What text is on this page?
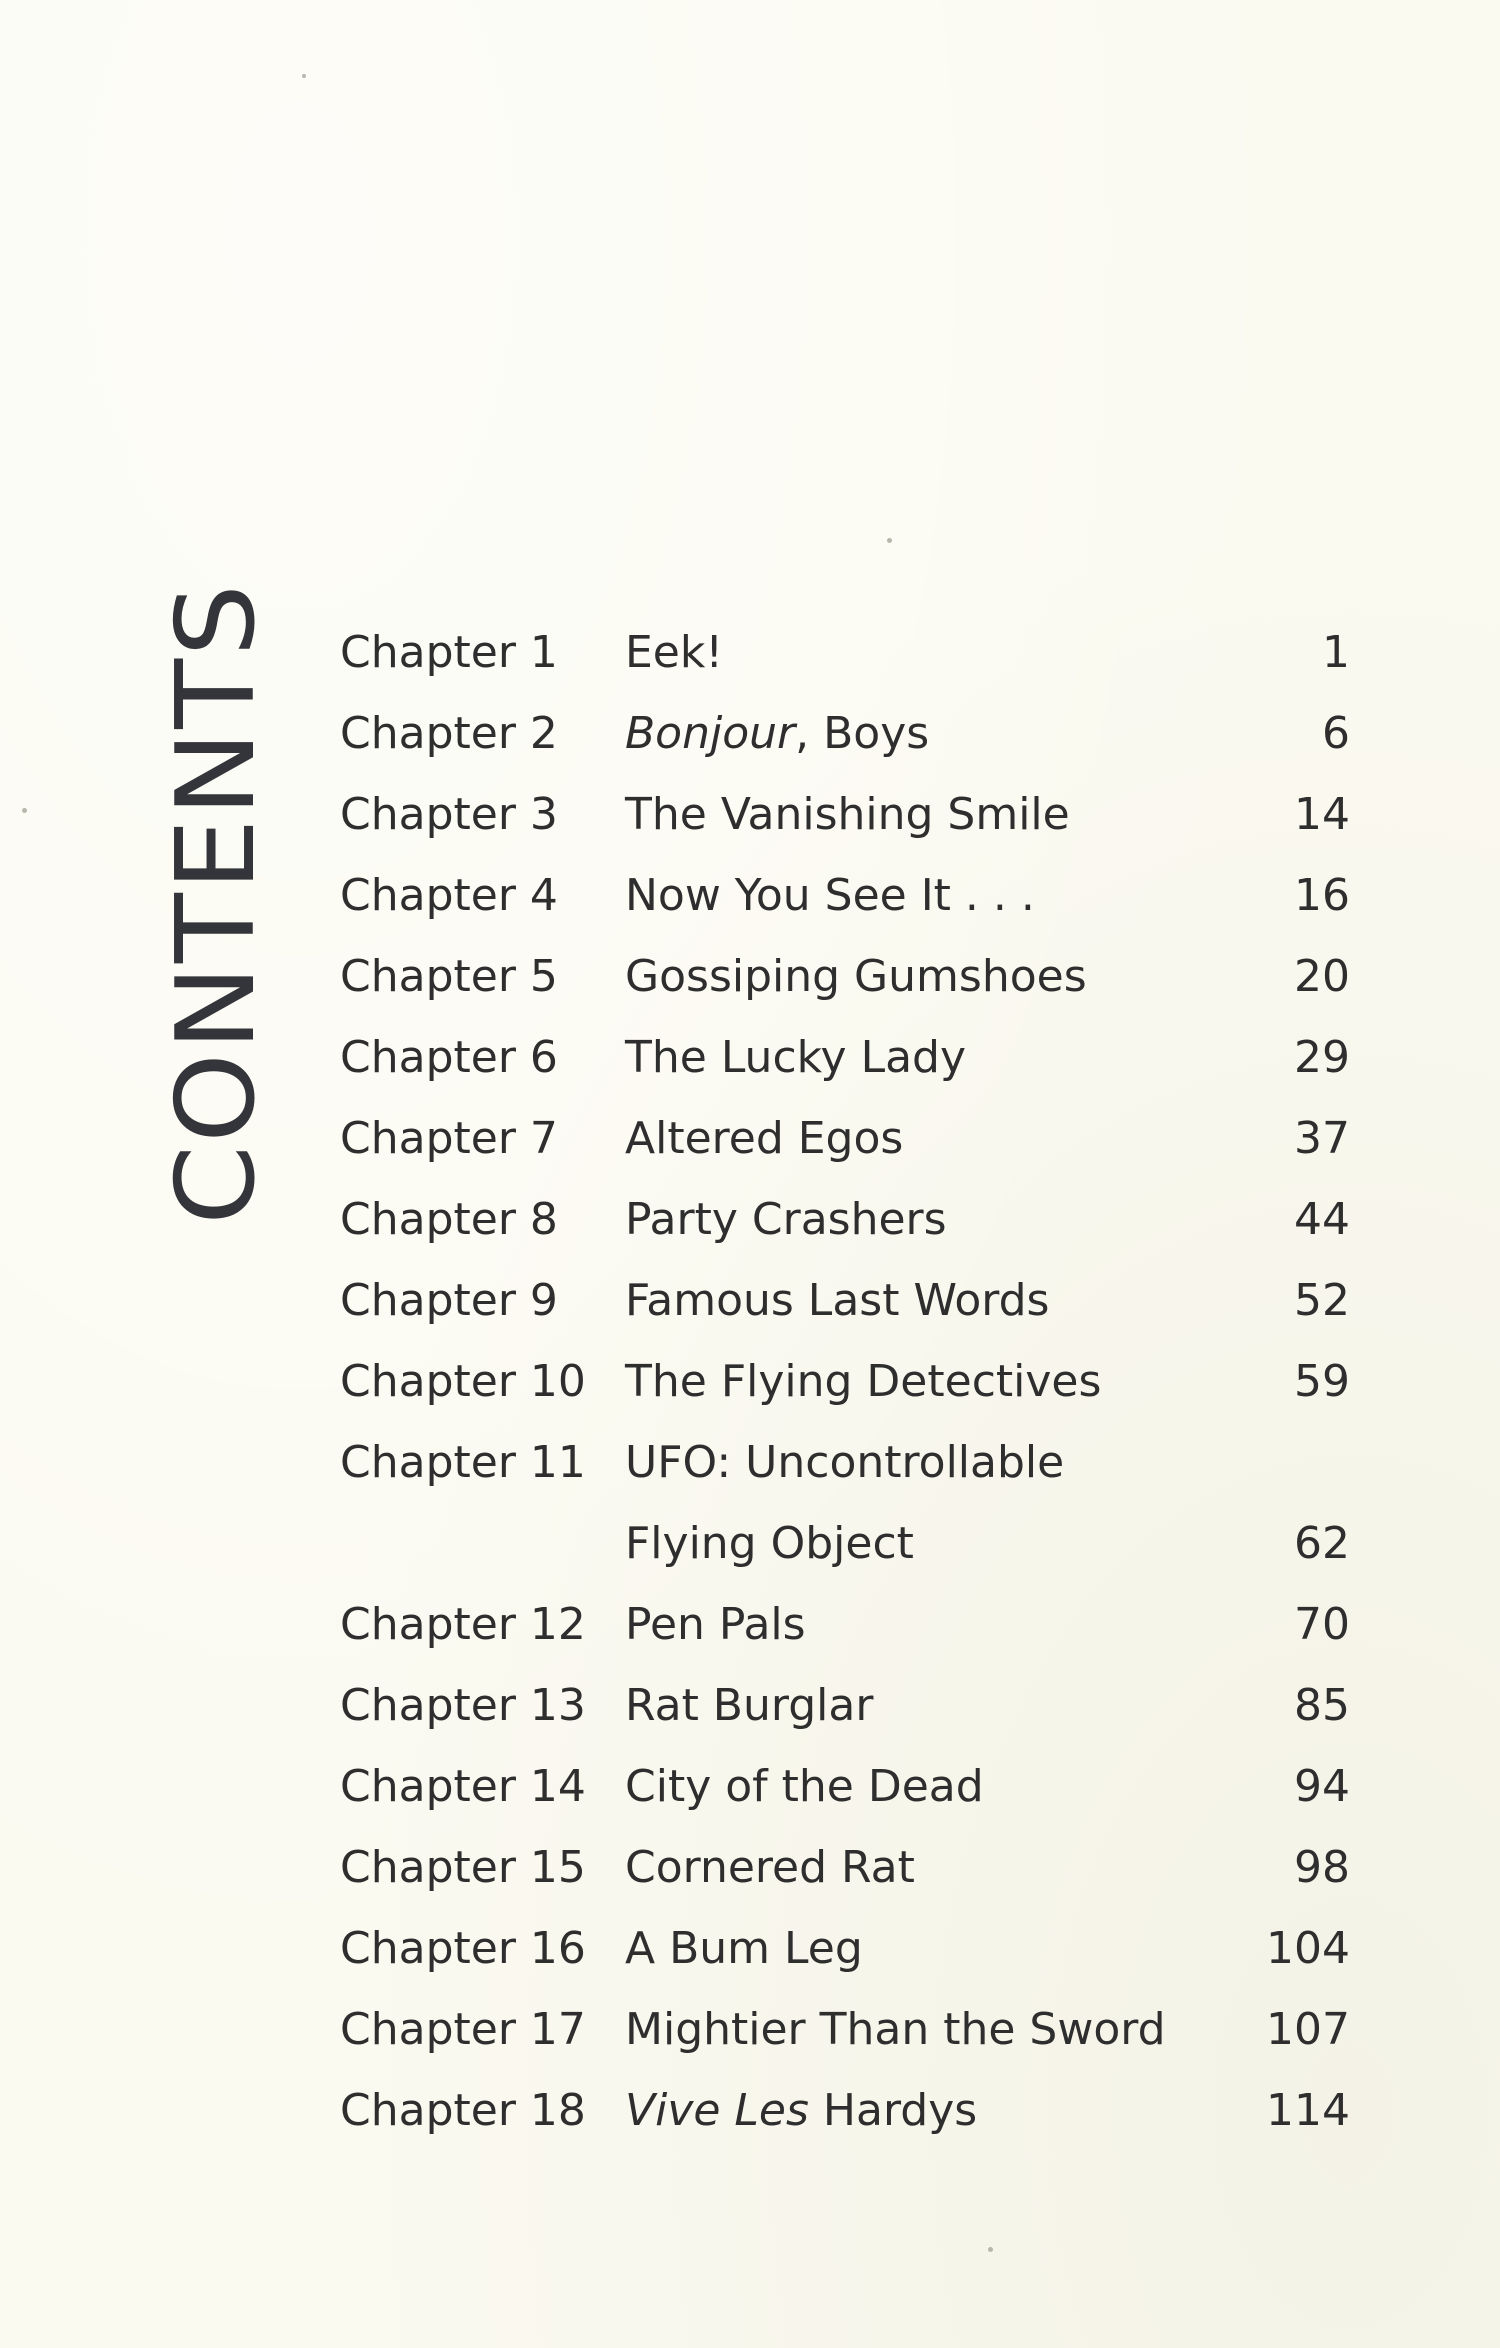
CONTENTS Chapter 1 Eek!	1
Chapter 2 Bonjour, Boys	6
Chapter 3 The Vanishing Smile	14
Chapter 4 Now You See It . . .	16
Chapter 5 Gossiping Gumshoes	20
Chapter 6 The Lucky Lady	29
Chapter 7 Altered Egos	37
Chapter 8 Party Crashers	44
Chapter 9 Famous Last Words	52
Chapter 10 The Flying Detectives	59
Chapter 11 UFO: Uncontrollable
Flying Object	62
Chapter 12 Pen Pals	70
Chapter 13 Rat Burglar	85
Chapter 14 City of the Dead	94
Chapter 15 Cornered Rat	98
Chapter 16 A Bum Leg	104
Chapter 17 Mightier Than the Sword 107
Chapter 18 Vive Les Hardys	114
